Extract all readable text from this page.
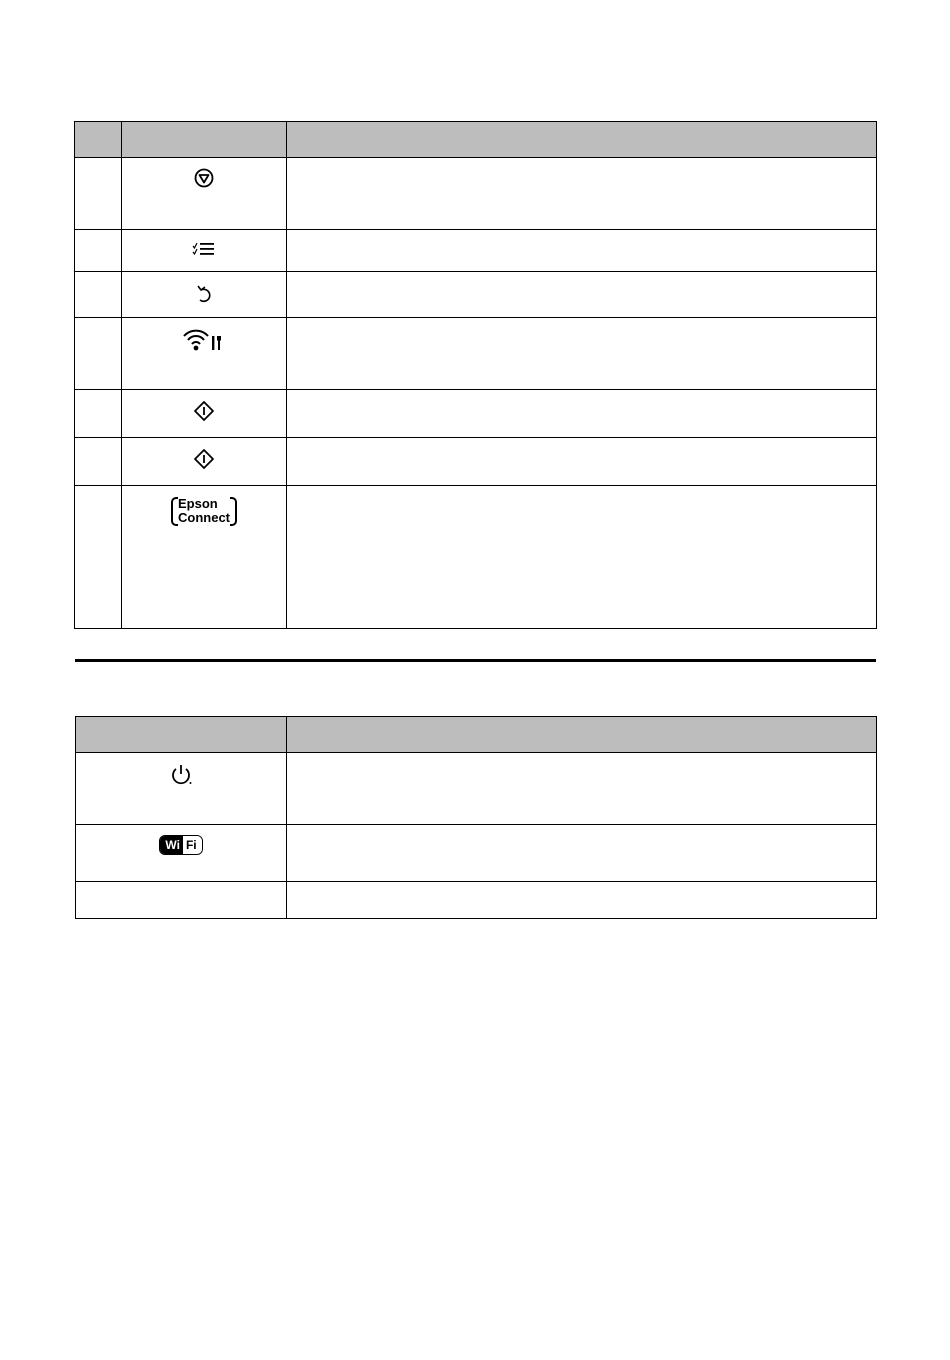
	Epson
Connect	

Wi Fi	
